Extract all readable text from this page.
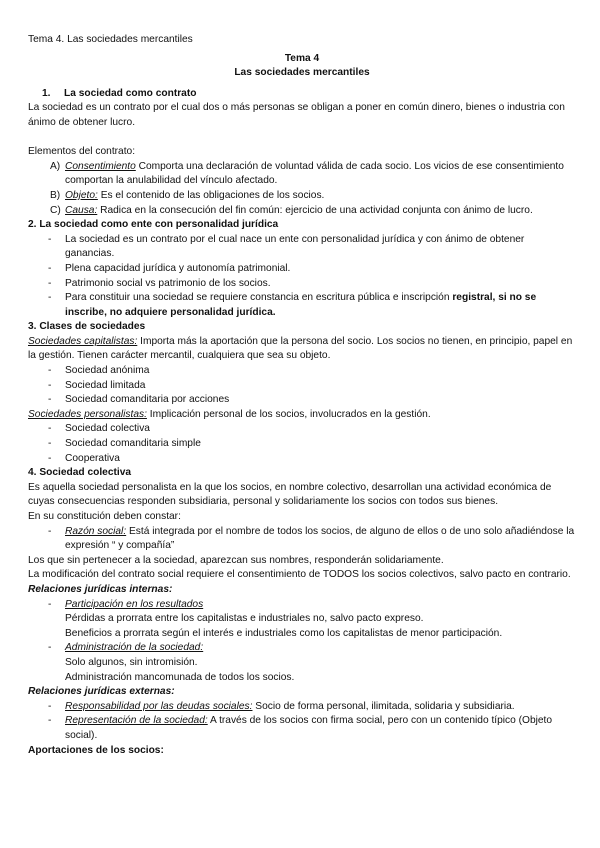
Tema 4. Las sociedades mercantiles
Tema 4
Las sociedades mercantiles
1.	La sociedad como contrato
La sociedad es un contrato por el cual dos o más personas se obligan a poner en común dinero, bienes o industria con ánimo de obtener lucro.
Elementos del contrato:
A) Consentimiento Comporta una declaración de voluntad válida de cada socio. Los vicios de ese consentimiento comportan la anulabilidad del vínculo afectado.
B) Objeto: Es el contenido de las obligaciones de los socios.
C) Causa: Radica en la consecución del fin común: ejercicio de una actividad conjunta con ánimo de lucro.
2. La sociedad como ente con personalidad jurídica
-	La sociedad es un contrato por el cual nace un ente con personalidad jurídica y con ánimo de obtener ganancias.
-	Plena capacidad jurídica y autonomía patrimonial.
-	Patrimonio social vs patrimonio de los socios.
-	Para constituir una sociedad se requiere constancia en escritura pública e inscripción registral, si no se inscribe, no adquiere personalidad jurídica.
3. Clases de sociedades
Sociedades capitalistas: Importa más la aportación que la persona del socio. Los socios no tienen, en principio, papel en la gestión. Tienen carácter mercantil, cualquiera que sea su objeto.
-	Sociedad anónima
-	Sociedad limitada
-	Sociedad comanditaria por acciones
Sociedades personalistas: Implicación personal de los socios, involucrados en la gestión.
-	Sociedad colectiva
-	Sociedad comanditaria simple
-	Cooperativa
4. Sociedad colectiva
Es aquella sociedad personalista en la que los socios, en nombre colectivo, desarrollan una actividad económica de cuyas consecuencias responden subsidiaria, personal y solidariamente los socios con todos sus bienes.
En su constitución deben constar:
-	Razón social: Está integrada por el nombre de todos los socios, de alguno de ellos o de uno solo añadiéndose la expresión “ y compañía”
Los que sin pertenecer a la sociedad, aparezcan sus nombres, responderán solidariamente.
La modificación del contrato social requiere el consentimiento de TODOS los socios colectivos, salvo pacto en contrario.
Relaciones jurídicas internas:
-	Participación en los resultados
Pérdidas a prorrata entre los capitalistas e industriales no, salvo pacto expreso.
Beneficios a prorrata según el interés e industriales como los capitalistas de menor participación.
-	Administración de la sociedad:
Solo algunos, sin intromisión.
Administración mancomunada de todos los socios.
Relaciones jurídicas externas:
-	Responsabilidad por las deudas sociales: Socio de forma personal, ilimitada, solidaria y subsidiaria.
-	Representación de la sociedad: A través de los socios con firma social, pero con un contenido típico (Objeto social).
Aportaciones de los socios:
